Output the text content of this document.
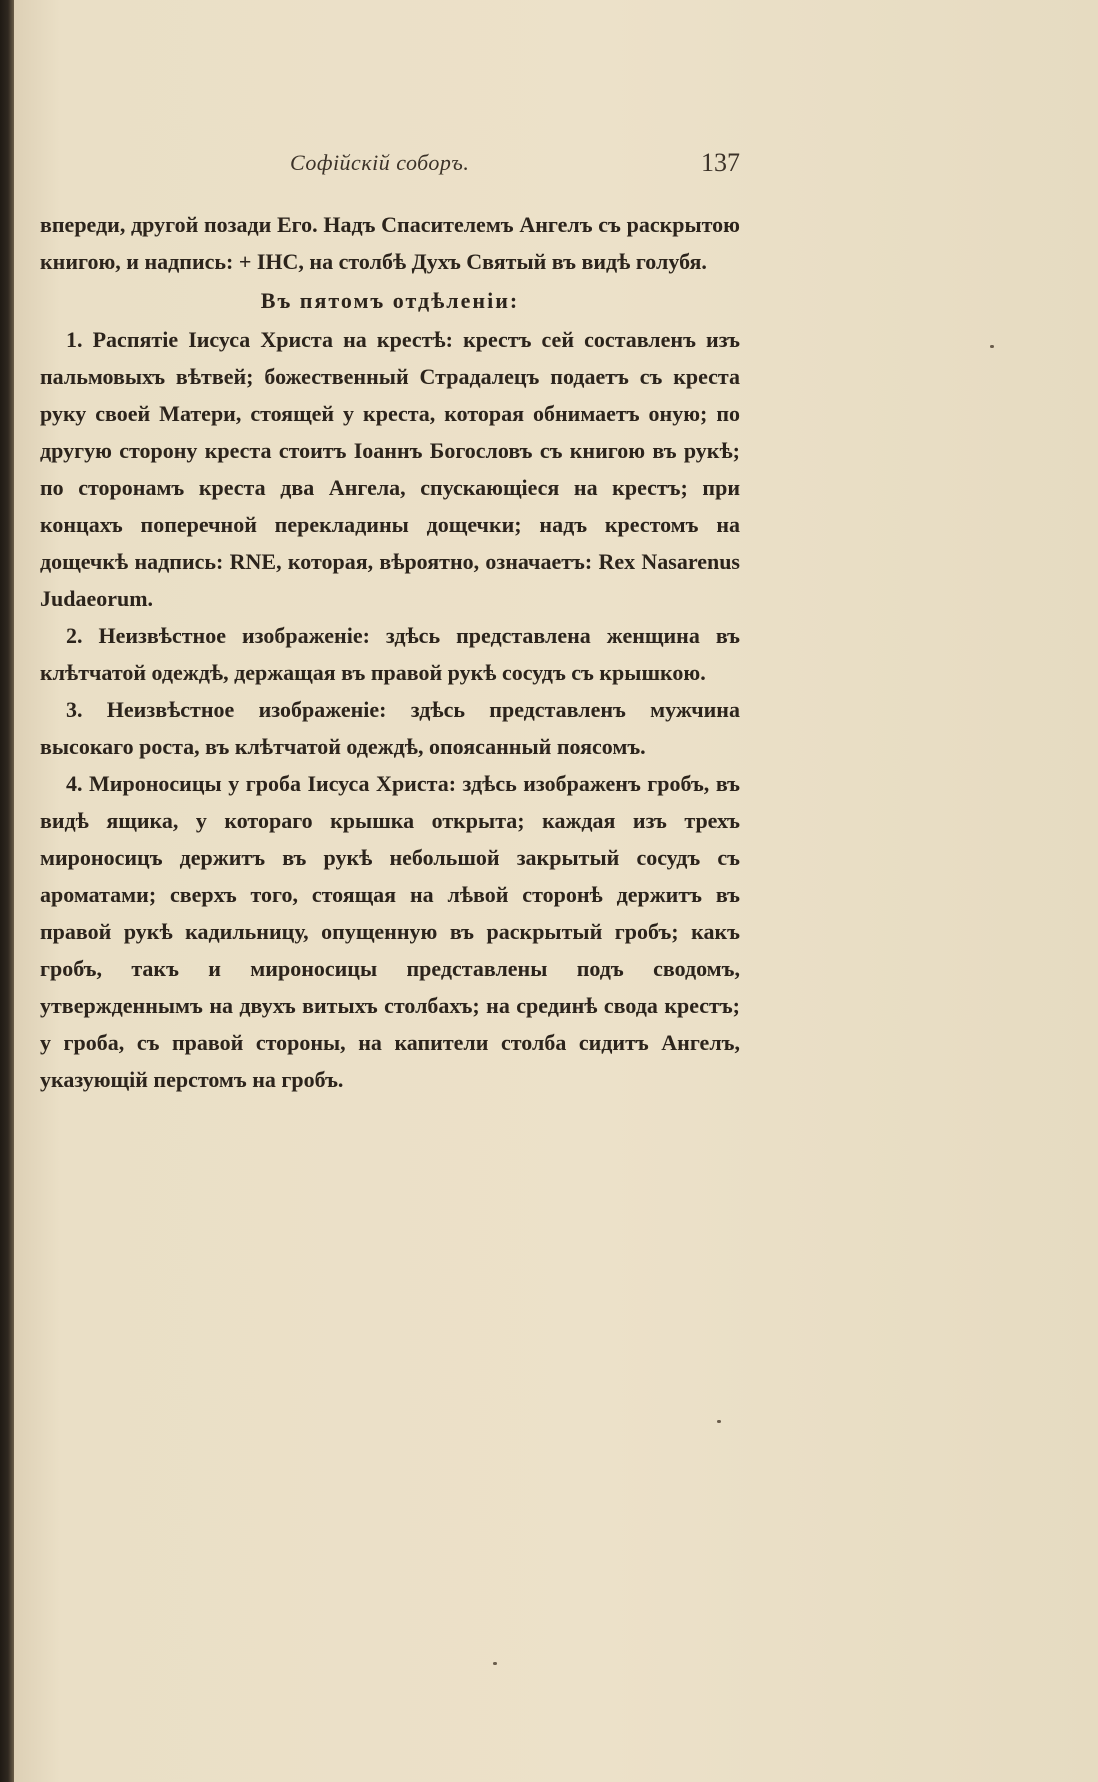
Софійскій соборъ.	137

впереди, другой позади Его. Надъ Спасителемъ Ангелъ съ раскрытою книгою, и надпись: + IHC, на столбѣ Духъ Святый въ видѣ голубя.

Въ пятомъ отдѣленіи:

1. Распятіе Іисуса Христа на крестѣ: крестъ сей составленъ изъ пальмовыхъ вѣтвей; божественный Страдалецъ подаетъ съ креста руку своей Матери, стоящей у креста, которая обнимаетъ оную; по другую сторону креста стоитъ Іоаннъ Богословъ съ книгою въ рукѣ; по сторонамъ креста два Ангела, спускающіеся на крестъ; при концахъ поперечной перекладины дощечки; надъ крестомъ на дощечкѣ надпись: RNE, которая, вѣроятно, означаетъ: Rex Nasarenus Judaeorum.

2. Неизвѣстное изображеніе: здѣсь представлена женщина въ клѣтчатой одеждѣ, держащая въ правой рукѣ сосудъ съ крышкою.

3. Неизвѣстное изображеніе: здѣсь представленъ мужчина высокаго роста, въ клѣтчатой одеждѣ, опоясанный поясомъ.

4. Мироносицы у гроба Іисуса Христа: здѣсь изображенъ гробъ, въ видѣ ящика, у котораго крышка открыта; каждая изъ трехъ мироносицъ держитъ въ рукѣ небольшой закрытый сосудъ съ ароматами; сверхъ того, стоящая на лѣвой сторонѣ держитъ въ правой рукѣ кадильницу, опущенную въ раскрытый гробъ; какъ гробъ, такъ и мироносицы представлены подъ сводомъ, утвержденнымъ на двухъ витыхъ столбахъ; на срединѣ свода крестъ; у гроба, съ правой стороны, на капители столба сидитъ Ангелъ, указующій перстомъ на гробъ.
